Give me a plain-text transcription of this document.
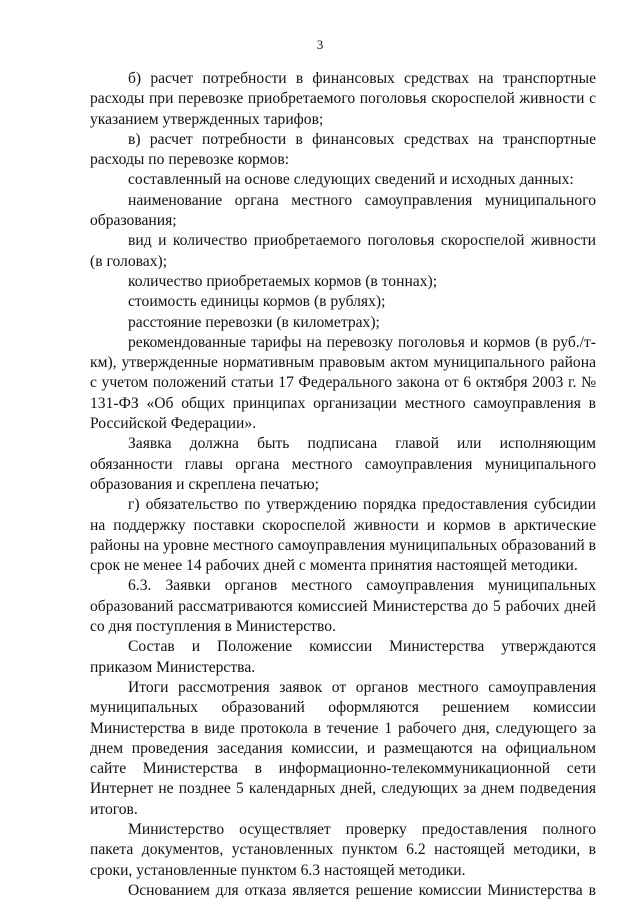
3

б) расчет потребности в финансовых средствах на транспортные расходы при перевозке приобретаемого поголовья скороспелой живности с указанием утвержденных тарифов;

в) расчет потребности в финансовых средствах на транспортные расходы по перевозке кормов:

составленный на основе следующих сведений и исходных данных:

наименование органа местного самоуправления муниципального образования;

вид и количество приобретаемого поголовья скороспелой живности (в головах);

количество приобретаемых кормов (в тоннах);

стоимость единицы кормов (в рублях);

расстояние перевозки (в километрах);

рекомендованные тарифы на перевозку поголовья и кормов (в руб./т-км), утвержденные нормативным правовым актом муниципального района с учетом положений статьи 17 Федерального закона от 6 октября 2003 г. № 131-ФЗ «Об общих принципах организации местного самоуправления в Российской Федерации».

Заявка должна быть подписана главой или исполняющим обязанности главы органа местного самоуправления муниципального образования и скреплена печатью;

г) обязательство по утверждению порядка предоставления субсидии на поддержку поставки скороспелой живности и кормов в арктические районы на уровне местного самоуправления муниципальных образований в срок не менее 14 рабочих дней с момента принятия настоящей методики.

6.3. Заявки органов местного самоуправления муниципальных образований рассматриваются комиссией Министерства до 5 рабочих дней со дня поступления в Министерство.

Состав и Положение комиссии Министерства утверждаются приказом Министерства.

Итоги рассмотрения заявок от органов местного самоуправления муниципальных образований оформляются решением комиссии Министерства в виде протокола в течение 1 рабочего дня, следующего за днем проведения заседания комиссии, и размещаются на официальном сайте Министерства в информационно-телекоммуникационной сети Интернет не позднее 5 календарных дней, следующих за днем подведения итогов.

Министерство осуществляет проверку предоставления полного пакета документов, установленных пунктом 6.2 настоящей методики, в сроки, установленные пунктом 6.3 настоящей методики.

Основанием для отказа является решение комиссии Министерства в
